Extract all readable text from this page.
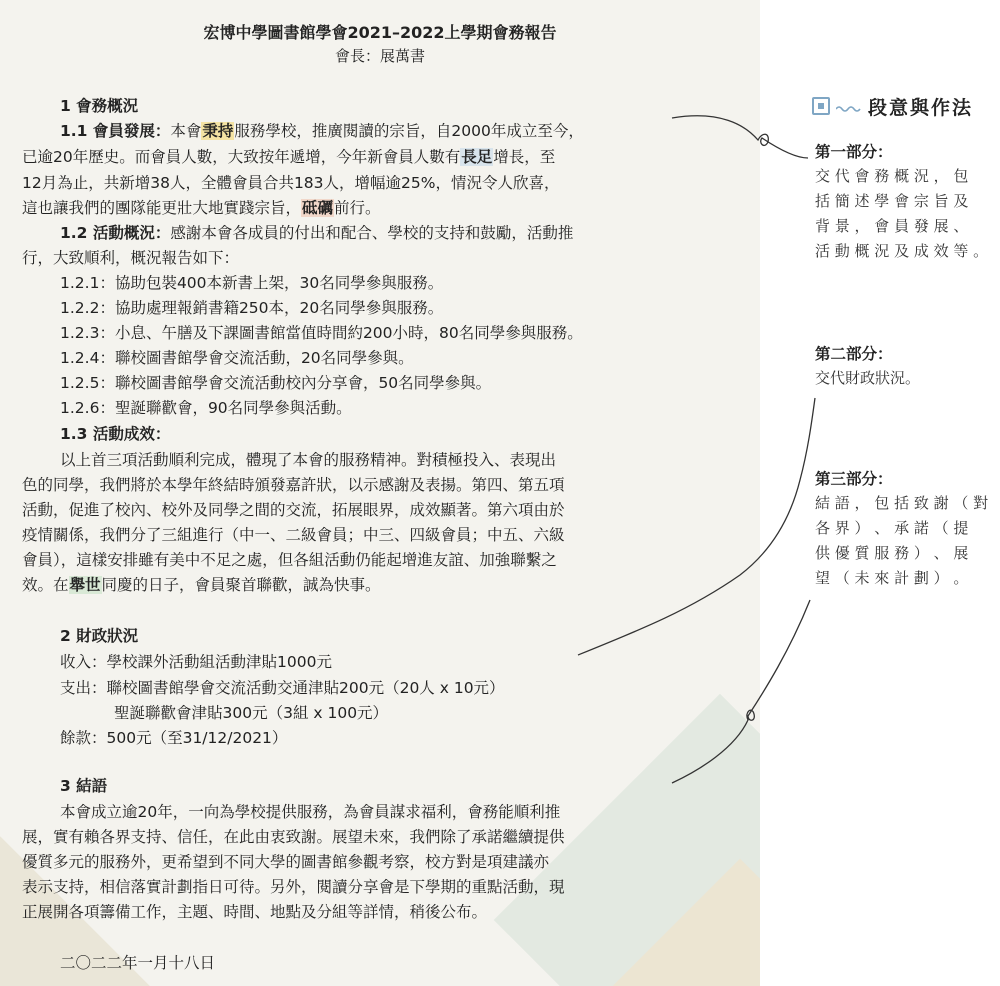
宏博中學圖書館學會2021–2022上學期會務報告
會長：展萬書
1 會務概況
1.1 會員發展：本會秉持服務學校，推廣閱讀的宗旨，自2000年成立至今，
已逾20年歷史。而會員人數，大致按年遞增，今年新會員人數有長足增長，至
12月為止，共新增38人，全體會員合共183人，增幅逾25%，情況令人欣喜，
這也讓我們的團隊能更壯大地實踐宗旨，砥礪前行。
1.2 活動概況：感謝本會各成員的付出和配合、學校的支持和鼓勵，活動推
行，大致順利，概況報告如下：
1.2.1：協助包裝400本新書上架，30名同學參與服務。
1.2.2：協助處理報銷書籍250本，20名同學參與服務。
1.2.3：小息、午膳及下課圖書館當值時間約200小時，80名同學參與服務。
1.2.4：聯校圖書館學會交流活動，20名同學參與。
1.2.5：聯校圖書館學會交流活動校內分享會，50名同學參與。
1.2.6：聖誕聯歡會，90名同學參與活動。
1.3 活動成效：
以上首三項活動順利完成，體現了本會的服務精神。對積極投入、表現出
色的同學，我們將於本學年終結時頒發嘉許狀，以示感謝及表揚。第四、第五項
活動，促進了校內、校外及同學之間的交流，拓展眼界，成效顯著。第六項由於
疫情關係，我們分了三組進行（中一、二級會員；中三、四級會員；中五、六級
會員），這樣安排雖有美中不足之處，但各組活動仍能起增進友誼、加強聯繫之
效。在舉世同慶的日子，會員聚首聯歡，誠為快事。
2 財政狀況
收入：學校課外活動組活動津貼1000元
支出：聯校圖書館學會交流活動交通津貼200元（20人 x 10元）
聖誕聯歡會津貼300元（3組 x 100元）
餘款：500元（至31/12/2021）
3 結語
本會成立逾20年，一向為學校提供服務，為會員謀求福利，會務能順利推
展，實有賴各界支持、信任，在此由衷致謝。展望未來，我們除了承諾繼續提供
優質多元的服務外，更希望到不同大學的圖書館參觀考察，校方對是項建議亦
表示支持，相信落實計劃指日可待。另外，閱讀分享會是下學期的重點活動，現
正展開各項籌備工作，主題、時間、地點及分組等詳情，稍後公布。
二〇二二年一月十八日
段意與作法
第一部分：
交 代 會 務 概 況 ， 包
括 簡 述 學 會 宗 旨 及
背 景 ， 會 員 發 展 、
活 動 概 況 及 成 效 等 。
第二部分：
交代財政狀況。
第三部分：
結 語 ， 包 括 致 謝 （ 對
各 界 ） 、 承 諾 （ 提
供 優 質 服 務 ） 、 展
望 （ 未 來 計 劃 ） 。
